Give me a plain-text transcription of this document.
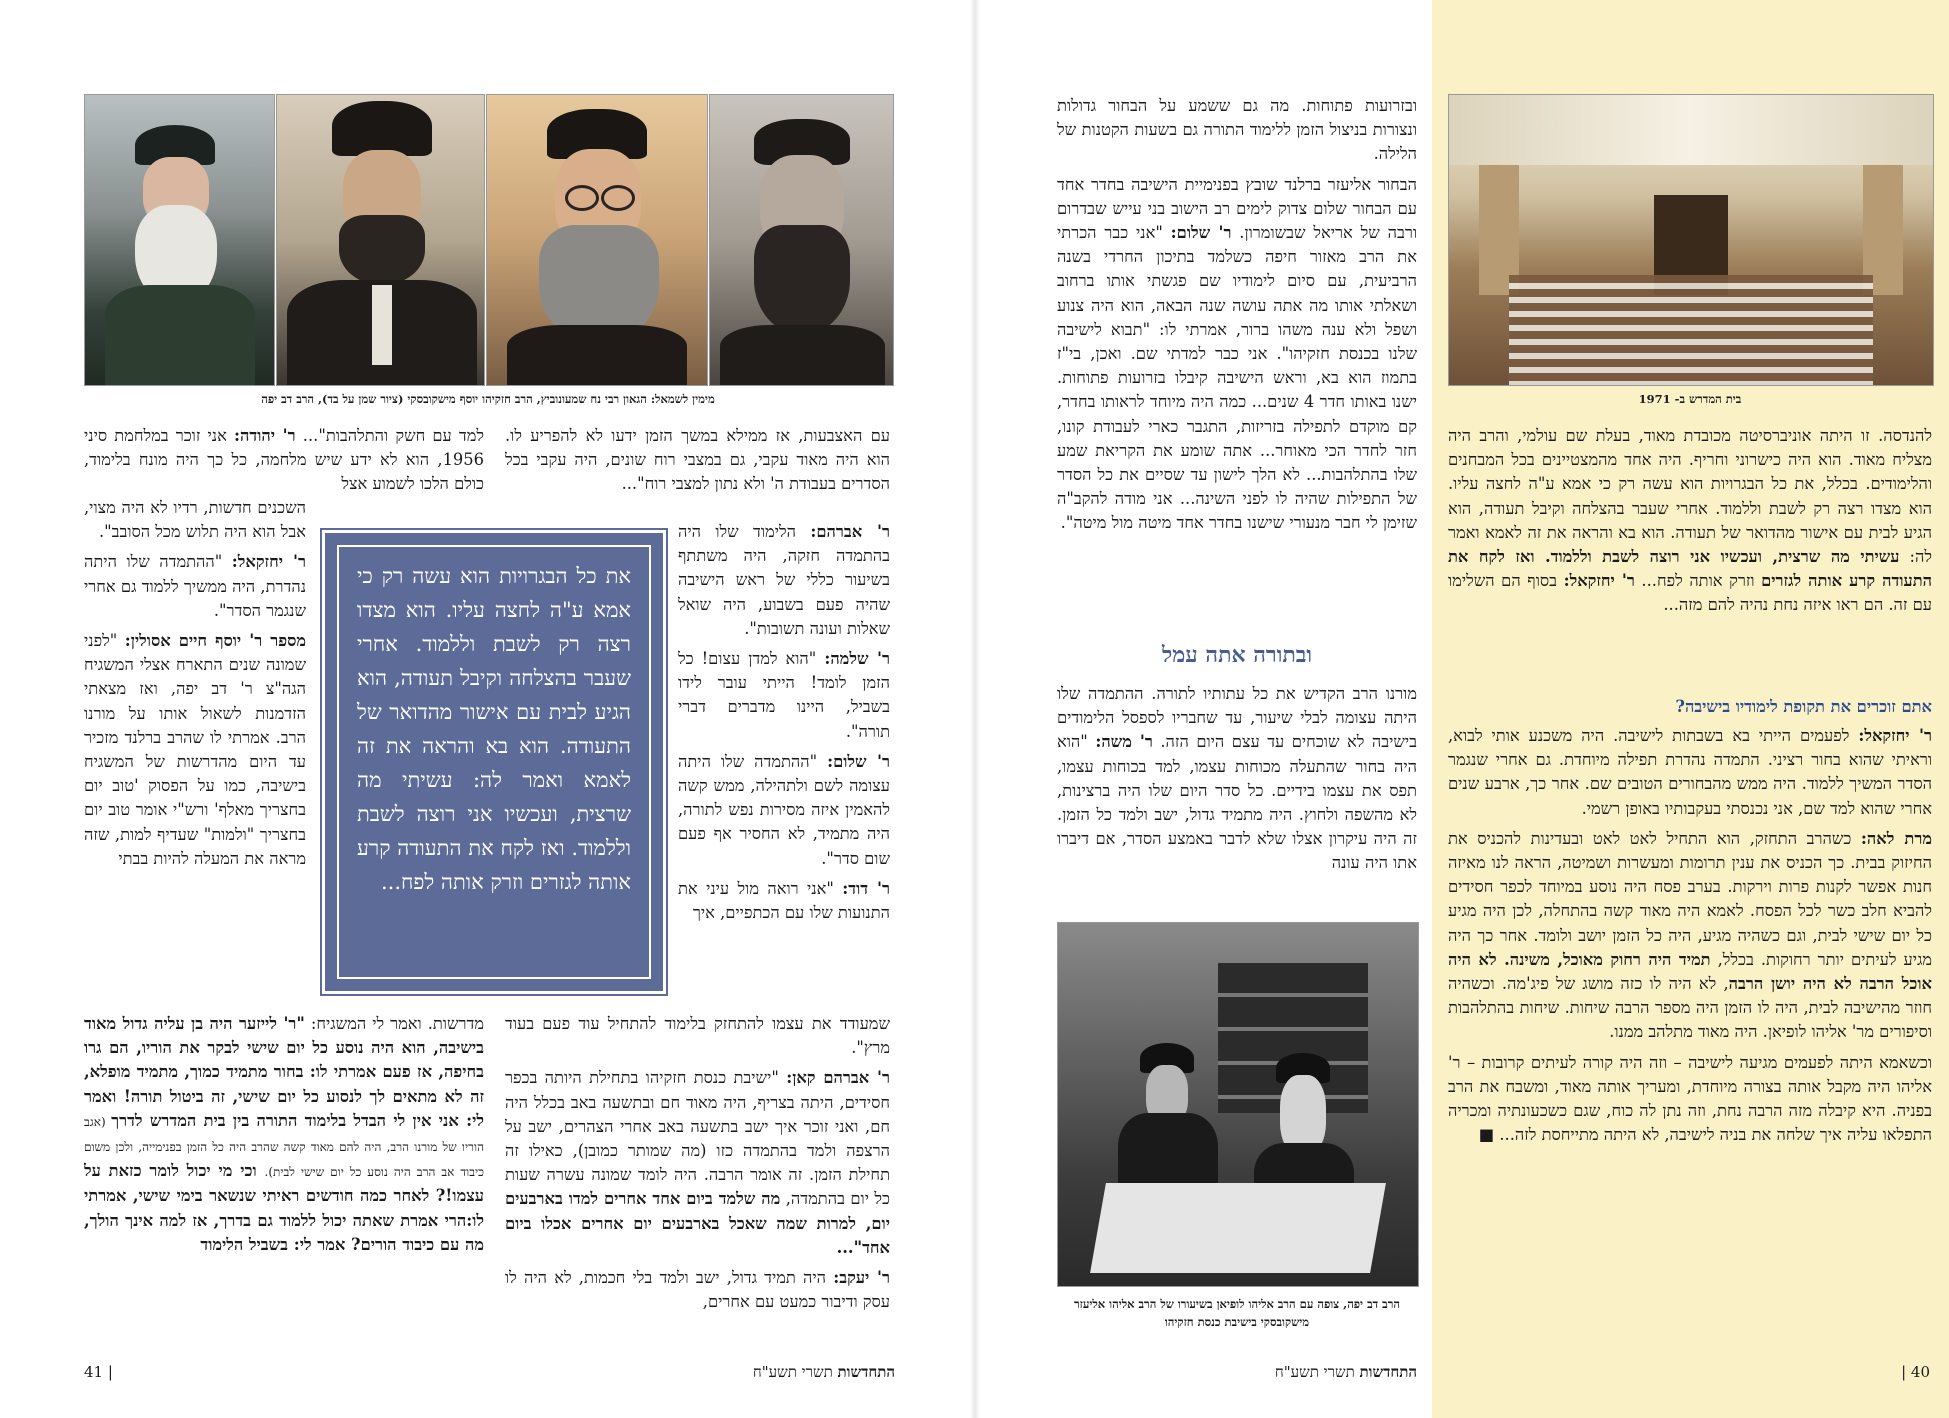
מימין לשמאל: הגאון רבי נח שמעונוביץ, הרב חזקיהו יוסף מישקובסקי (ציור שמן על בד), הרב דב יפה

עם האצבעות, אז ממילא במשך הזמן ידעו לא להפריע לו. הוא היה מאוד עקבי, גם במצבי רוח שונים, היה עקבי בכל הסדרים בעבודת ה' ולא נתון למצבי רוח"...

ר' אברהם: הלימוד שלו היה בהתמדה חזקה, היה משתתף בשיעור כללי של ראש הישיבה שהיה פעם בשבוע, היה שואל שאלות ועונה תשובות".

ר' שלמה: "הוא למדן עצום! כל הזמן לומד! הייתי עובר לידו בשביל, היינו מדברים דברי תורה".

ר' שלום: "ההתמדה שלו היתה עצומה לשם ולתהילה, ממש קשה להאמין איזה מסירות נפש לתורה, היה מתמיד, לא החסיר אף פעם שום סדר".

ר' דוד: "אני רואה מול עיני את התנועות שלו עם הכתפיים, איך

שמעודד את עצמו להתחזק בלימוד להתחיל עוד פעם בעוד מרץ".

ר' אברהם קאן: "ישיבת כנסת חזקיהו בתחילת היותה בכפר חסידים, היתה בצריף, היה מאוד חם ובתשעה באב בכלל היה חם, ואני זוכר איך ישב בתשעה באב אחרי הצהרים, ישב על הרצפה ולמד בהתמדה כזו (מה שמותר כמובן), כאילו זה תחילת הזמן. זה אומר הרבה. היה לומד שמונה עשרה שעות כל יום בהתמדה, מה שלמד ביום אחד אחרים למדו בארבעים יום, למרות שמה שאכל בארבעים יום אחרים אכלו ביום אחד"...

ר' יעקב: היה תמיד גדול, ישב ולמד בלי חכמות, לא היה לו עסק ודיבור כמעט עם אחרים,

למד עם חשק והתלהבות"... ר' יהודה: אני זוכר במלחמת סיני 1956, הוא לא ידע שיש מלחמה, כל כך היה מונח בלימוד, כולם הלכו לשמוע אצל

השכנים חדשות, רדיו לא היה מצוי, אבל הוא היה תלוש מכל הסובב".

ר' יחזקאל: "ההתמדה שלו היתה נהדרת, היה ממשיך ללמוד גם אחרי שנגמר הסדר".

מספר ר' יוסף חיים אסולין: "לפני שמונה שנים התארח אצלי המשגיח הגה"צ ר' דב יפה, ואז מצאתי הזדמנות לשאול אותו על מורנו הרב. אמרתי לו שהרב ברלנד מזכיר עד היום מהדרשות של המשגיח בישיבה, כמו על הפסוק 'טוב יום בחצריך מאלף' ורש"י אומר טוב יום בחצריך "ולמות" שעדיף למות, שזה מראה את המעלה להיות בבתי

מדרשות. ואמר לי המשגיח: "ר' לייזער היה בן עליה גדול מאוד בישיבה, הוא היה נוסע כל יום שישי לבקר את הוריו, הם גרו בחיפה, אז פעם אמרתי לו: בחור מתמיד כמוך, מתמיד מופלא, זה לא מתאים לך לנסוע כל יום שישי, זה ביטול תורה! ואמר לי: אני אין לי הבדל בלימוד התורה בין בית המדרש לדרך (אגב הוריו של מורנו הרב, היה להם מאוד קשה שהרב היה כל הזמן בפנימייה, ולכן משום כיבוד אב הרב היה נוסע כל יום שישי לבית). וכי מי יכול לומר כזאת על עצמו!? לאחר כמה חודשים ראיתי שנשאר בימי שישי, אמרתי לו:הרי אמרת שאתה יכול ללמוד גם בדרך, אז למה אינך הולך, מה עם כיבוד הורים? אמר לי: בשביל הלימוד

את כל הבגרויות הוא עשה רק כי אמא ע"ה לחצה עליו. הוא מצדו רצה רק לשבת וללמוד. אחרי שעבר בהצלחה וקיבל תעודה, הוא הגיע לבית עם אישור מהדואר של התעודה. הוא בא והראה את זה לאמא ואמר לה: עשיתי מה שרצית, ועכשיו אני רוצה לשבת וללמוד. ואז לקח את התעודה קרע אותה לגזרים וזרק אותה לפח...
התחדשות תשרי תשע"ח
41 |
בית המדרש ב- 1971

ובזרועות פתוחות. מה גם ששמע על הבחור גדולות ונצורות בניצול הזמן ללימוד התורה גם בשעות הקטנות של הלילה.

הבחור אליעזר ברלנד שובץ בפנימיית הישיבה בחדר אחד עם הבחור שלום צדוק לימים רב הישוב בני עייש שבדרום ורבה של אריאל שבשומרון. ר' שלום: "אני כבר הכרתי את הרב מאזור חיפה כשלמד בתיכון החרדי בשנה הרביעית, עם סיום לימודיו שם פגשתי אותו ברחוב ושאלתי אותו מה אתה עושה שנה הבאה, הוא היה צנוע ושפל ולא ענה משהו ברור, אמרתי לו: "תבוא לישיבה שלנו בכנסת חזקיהו". אני כבר למדתי שם. ואכן, בי"ז בתמוז הוא בא, וראש הישיבה קיבלו בזרועות פתוחות. ישנו באותו חדר 4 שנים... כמה היה מיוחד לראותו בחדר, קם מוקדם לתפילה בזריזות, התגבר כארי לעבודת קונו, חזר לחדר הכי מאוחר... אתה שומע את הקריאת שמע שלו בהתלהבות... לא הלך לישון עד שסיים את כל הסדר של התפילות שהיה לו לפני השינה... אני מודה להקב"ה שזימן לי חבר מנעורי שישנו בחדר אחד מיטה מול מיטה".

ובתורה אתה עמל

מורנו הרב הקדיש את כל עתותיו לתורה. ההתמדה שלו היתה עצומה לבלי שיעור, עד שחבריו לספסל הלימודים בישיבה לא שוכחים עד עצם היום הזה. ר' משה: "הוא היה בחור שהתעלה מכוחות עצמו, למד בכוחות עצמו, תפס את עצמו בידיים. כל סדר היום שלו היה ברצינות, לא מהשפה ולחוץ. היה מתמיד גדול, ישב ולמד כל הזמן. זה היה עיקרון אצלו שלא לדבר באמצע הסדר, אם דיברו אתו היה עונה

הרב דב יפה, צופה עם הרב אליהו לופיאן בשיעורו של הרב אליהו אליעזר מישקובסקי בישיבת כנסת חזקיהו

להנדסה. זו היתה אוניברסיטה מכובדת מאוד, בעלת שם עולמי, והרב היה מצליח מאוד. הוא היה כישרוני וחריף. היה אחד מהמצטיינים בכל המבחנים והלימודים. בכלל, את כל הבגרויות הוא עשה רק כי אמא ע"ה לחצה עליו. הוא מצדו רצה רק לשבת וללמוד. אחרי שעבר בהצלחה וקיבל תעודה, הוא הגיע לבית עם אישור מהדואר של תעודה. הוא בא והראה את זה לאמא ואמר לה: עשיתי מה שרצית, ועכשיו אני רוצה לשבת וללמוד. ואז לקח את התעודה קרע אותה לגזרים וזרק אותה לפח... ר' יחזקאל: בסוף הם השלימו עם זה. הם ראו איזה נחת נהיה להם מזה...

אתם זוכרים את תקופת לימודיו בישיבה?

ר' יחזקאל: לפעמים הייתי בא בשבתות לישיבה. היה משכנע אותי לבוא, וראיתי שהוא בחור רציני. התמדה נהדרת תפילה מיוחדת. גם אחרי שנגמר הסדר המשיך ללמוד. היה ממש מהבחורים הטובים שם. אחר כך, ארבע שנים אחרי שהוא למד שם, אני נכנסתי בעקבותיו באופן רשמי.

מרת לאה: כשהרב התחזק, הוא התחיל לאט לאט ובעדינות להכניס את החיזוק בבית. כך הכניס את ענין תרומות ומעשרות ושמיטה, הראה לנו מאיזה חנות אפשר לקנות פרות וירקות. בערב פסח היה נוסע במיוחד לכפר חסידים להביא חלב כשר לכל הפסח. לאמא היה מאוד קשה בהתחלה, לכן היה מגיע כל יום שישי לבית, וגם כשהיה מגיע, היה כל הזמן יושב ולומד. אחר כך היה מגיע לעיתים יותר רחוקות. בכלל, תמיד היה רחוק מאוכל, משינה. לא היה אוכל הרבה לא היה יושן הרבה, לא היה לו כזה מושג של פיג'מה. וכשהיה חוזר מהישיבה לבית, היה לו הזמן היה מספר הרבה שיחות. שיחות בהתלהבות וסיפורים מר' אליהו לופיאן. היה מאוד מתלהב ממנו.

וכשאמא היתה לפעמים מגיעה לישיבה – וזה היה קורה לעיתים קרובות – ר' אליהו היה מקבל אותה בצורה מיוחדת, ומעריך אותה מאוד, ומשבח את הרב בפניה. היא קיבלה מזה הרבה נחת, וזה נתן לה כוח, שגם כשכעונתיה ומכריה התפלאו עליה איך שלחה את בניה לישיבה, לא היתה מתייחסת לזה... ■

התחדשות תשרי תשע"ח	| 40
